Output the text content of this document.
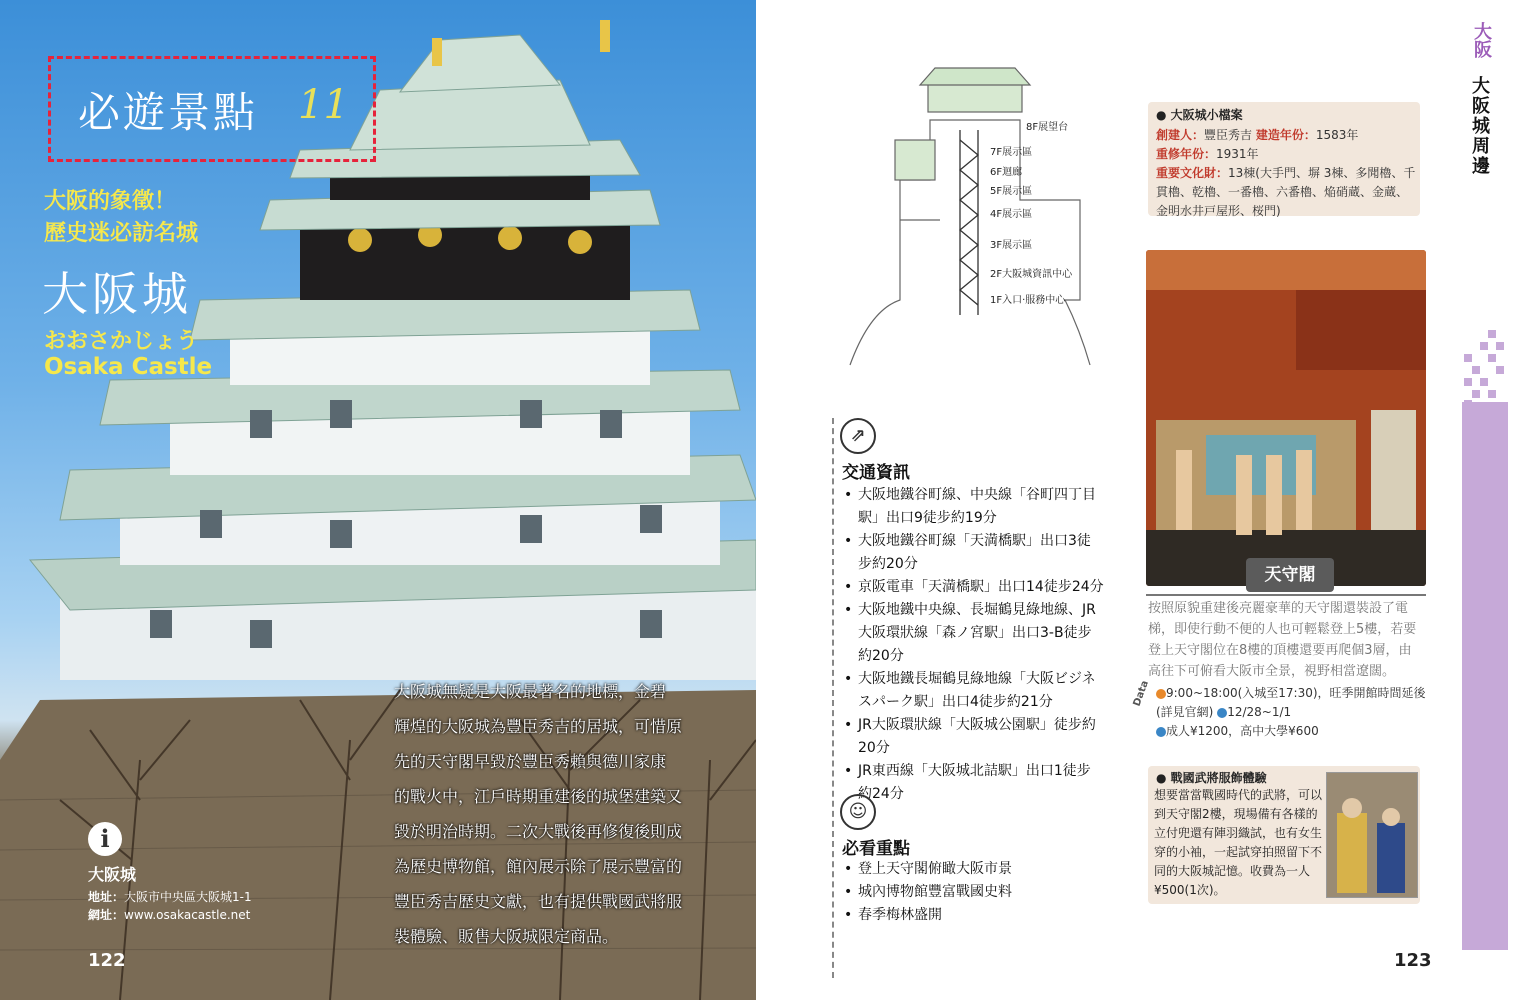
必遊景點 11
大阪的象徵！
歷史迷必訪名城
大阪城
おおさかじょう
Osaka Castle
大阪城無疑是大阪最著名的地標，金碧
輝煌的大阪城為豐臣秀吉的居城，可惜原
先的天守閣早毀於豐臣秀賴與德川家康
的戰火中，江戶時期重建後的城堡建築又
毀於明治時期。二次大戰後再修復後則成
為歷史博物館，館內展示除了展示豐富的
豐臣秀吉歷史文獻，也有提供戰國武將服
裝體驗、販售大阪城限定商品。
i
大阪城
地址：大阪市中央區大阪城1-1
網址：www.osakacastle.net
122
8F展望台
7F展示區
6F迴廊
5F展示區
4F展示區
3F展示區
2F大阪城資訊中心
1F入口‧服務中心
⇗
交通資訊
• 大阪地鐵谷町線、中央線「谷町四丁目
駅」出口9徒步約19分
• 大阪地鐵谷町線「天満橋駅」出口3徒
步約20分
• 京阪電車「天満橋駅」出口14徒步24分
• 大阪地鐵中央線、長堀鶴見綠地線、JR
大阪環狀線「森ノ宮駅」出口3-B徒步
約20分
• 大阪地鐵長堀鶴見綠地線「大阪ビジネ
スパーク駅」出口4徒步約21分
• JR大阪環狀線「大阪城公園駅」徒步約
20分
• JR東西線「大阪城北詰駅」出口1徒步
約24分
☺
必看重點
• 登上天守閣俯瞰大阪市景
• 城內博物館豐富戰國史料
• 春季梅林盛開
● 大阪城小檔案
創建人：豐臣秀吉 建造年份：1583年
重修年份：1931年
重要文化財：13棟(大手門、塀 3棟、多聞櫓、千貫櫓、乾櫓、一番櫓、六番櫓、焔硝蔵、金蔵、金明水井戸屋形、桜門)
天守閣
按照原貌重建後亮麗豪華的天守閣還裝設了電梯，即使行動不便的人也可輕鬆登上5樓，若要登上天守閣位在8樓的頂樓還要再爬個3層，由高往下可俯看大阪市全景，視野相當遼闊。
Data	9:00~18:00(入城至17:30)，旺季開館時間延後(詳見官網) 12/28~1/1
成人¥1200，高中大學¥600
● 戰國武將服飾體驗
想要當當戰國時代的武將，可以到天守閣2樓，現場備有各樣的立付兜還有陣羽織試，也有女生穿的小袖，一起試穿拍照留下不同的大阪城記憶。收費為一人¥500(1次)。
123
大阪
大阪城周邊
